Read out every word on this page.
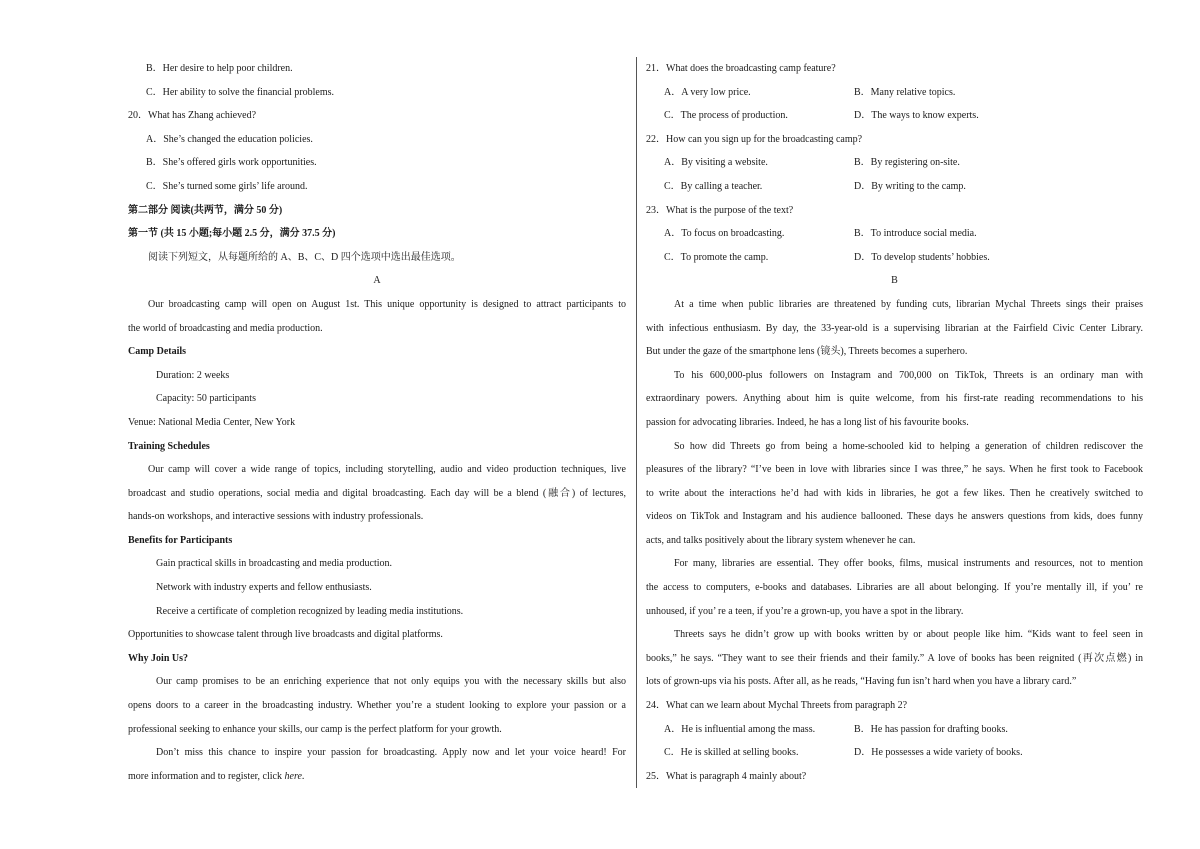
B．Her desire to help poor children.
C．Her ability to solve the financial problems.
20．What has Zhang achieved?
A．She’s changed the education policies.
B．She’s offered girls work opportunities.
C．She’s turned some girls’ life around.
第二部分 阅读(共两节，满分 50 分)
第一节 (共 15 小题;每小题 2.5 分，满分 37.5 分)
阅读下列短文，从每题所给的 A、B、C、D 四个选项中选出最佳选项。
A
Our broadcasting camp will open on August 1st. This unique opportunity is designed to attract participants to
the world of broadcasting and media production.
Camp Details
Duration: 2 weeks
Capacity: 50 participants
Venue: National Media Center, New York
Training Schedules
Our camp will cover a wide range of topics, including storytelling, audio and video production techniques, live
broadcast and studio operations, social media and digital broadcasting. Each day will be a blend (融合) of lectures,
hands-on workshops, and interactive sessions with industry professionals.
Benefits for Participants
Gain practical skills in broadcasting and media production.
Network with industry experts and fellow enthusiasts.
Receive a certificate of completion recognized by leading media institutions.
Opportunities to showcase talent through live broadcasts and digital platforms.
Why Join Us?
Our camp promises to be an enriching experience that not only equips you with the necessary skills but also
opens doors to a career in the broadcasting industry. Whether you’re a student looking to explore your passion or a
professional seeking to enhance your skills, our camp is the perfect platform for your growth.
Don’t miss this chance to inspire your passion for broadcasting. Apply now and let your voice heard! For
more information and to register, click here.
21．What does the broadcasting camp feature?
A．A very low price.	B．Many relative topics.
C．The process of production.	D．The ways to know experts.
22．How can you sign up for the broadcasting camp?
A．By visiting a website.	B．By registering on-site.
C．By calling a teacher.	D．By writing to the camp.
23．What is the purpose of the text?
A．To focus on broadcasting.	B．To introduce social media.
C．To promote the camp.	D．To develop students’ hobbies.
B
At a time when public libraries are threatened by funding cuts, librarian Mychal Threets sings their praises
with infectious enthusiasm. By day, the 33-year-old is a supervising librarian at the Fairfield Civic Center Library.
But under the gaze of the smartphone lens (镜头), Threets becomes a superhero.
To his 600,000-plus followers on Instagram and 700,000 on TikTok, Threets is an ordinary man with
extraordinary powers. Anything about him is quite welcome, from his first-rate reading recommendations to his
passion for advocating libraries. Indeed, he has a long list of his favourite books.
So how did Threets go from being a home-schooled kid to helping a generation of children rediscover the
pleasures of the library? “I’ve been in love with libraries since I was three,” he says. When he first took to Facebook
to write about the interactions he’d had with kids in libraries, he got a few likes. Then he creatively switched to
videos on TikTok and Instagram and his audience ballooned. These days he answers questions from kids, does funny
acts, and talks positively about the library system whenever he can.
For many, libraries are essential. They offer books, films, musical instruments and resources, not to mention
the access to computers, e-books and databases. Libraries are all about belonging. If you’re mentally ill, if you’ re
unhoused, if you’ re a teen, if you’re a grown-up, you have a spot in the library.
Threets says he didn’t grow up with books written by or about people like him. “Kids want to feel seen in
books,” he says. “They want to see their friends and their family.” A love of books has been reignited (再次点燃) in
lots of grown-ups via his posts. After all, as he reads, “Having fun isn’t hard when you have a library card.”
24．What can we learn about Mychal Threets from paragraph 2?
A．He is influential among the mass.	B．He has passion for drafting books.
C．He is skilled at selling books.	D．He possesses a wide variety of books.
25．What is paragraph 4 mainly about?
